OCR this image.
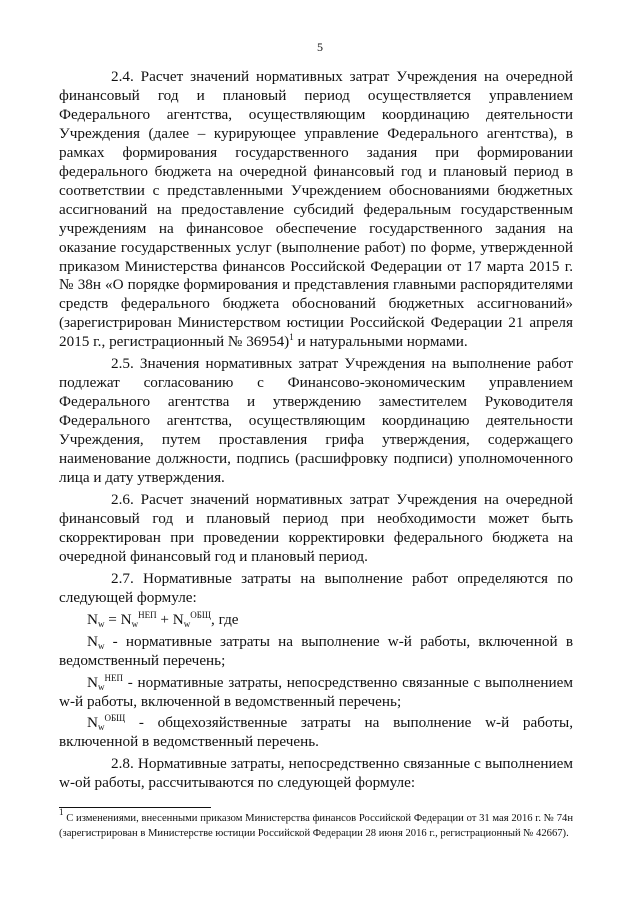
5

2.4. Расчет значений нормативных затрат Учреждения на очередной финансовый год и плановый период осуществляется управлением Федерального агентства, осуществляющим координацию деятельности Учреждения (далее – курирующее управление Федерального агентства), в рамках формирования государственного задания при формировании федерального бюджета на очередной финансовый год и плановый период в соответствии с представленными Учреждением обоснованиями бюджетных ассигнований на предоставление субсидий федеральным государственным учреждениям на финансовое обеспечение государственного задания на оказание государственных услуг (выполнение работ) по форме, утвержденной приказом Министерства финансов Российской Федерации от 17 марта 2015 г. № 38н «О порядке формирования и представления главными распорядителями средств федерального бюджета обоснований бюджетных ассигнований» (зарегистрирован Министерством юстиции Российской Федерации 21 апреля 2015 г., регистрационный № 36954)$^1$ и натуральными нормами.

2.5. Значения нормативных затрат Учреждения на выполнение работ подлежат согласованию с Финансово-экономическим управлением Федерального агентства и утверждению заместителем Руководителя Федерального агентства, осуществляющим координацию деятельности Учреждения, путем проставления грифа утверждения, содержащего наименование должности, подпись (расшифровку подписи) уполномоченного лица и дату утверждения.

2.6. Расчет значений нормативных затрат Учреждения на очередной финансовый год и плановый период при необходимости может быть скорректирован при проведении корректировки федерального бюджета на очередной финансовый год и плановый период.

2.7. Нормативные затраты на выполнение работ определяются по следующей формуле:

$N_w = N_w^{НЕП} + N_w^{ОБЩ}$, где

$N_w$ - нормативные затраты на выполнение w-й работы, включенной в ведомственный перечень;

$N_w^{НЕП}$ - нормативные затраты, непосредственно связанные с выполнением w-й работы, включенной в ведомственный перечень;

$N_w^{ОБЩ}$ - общехозяйственные затраты на выполнение w-й работы, включенной в ведомственный перечень.

2.8. Нормативные затраты, непосредственно связанные с выполнением w-ой работы, рассчитываются по следующей формуле:

$^1$ С изменениями, внесенными приказом Министерства финансов Российской Федерации от 31 мая 2016 г. № 74н (зарегистрирован в Министерстве юстиции Российской Федерации 28 июня 2016 г., регистрационный № 42667).
